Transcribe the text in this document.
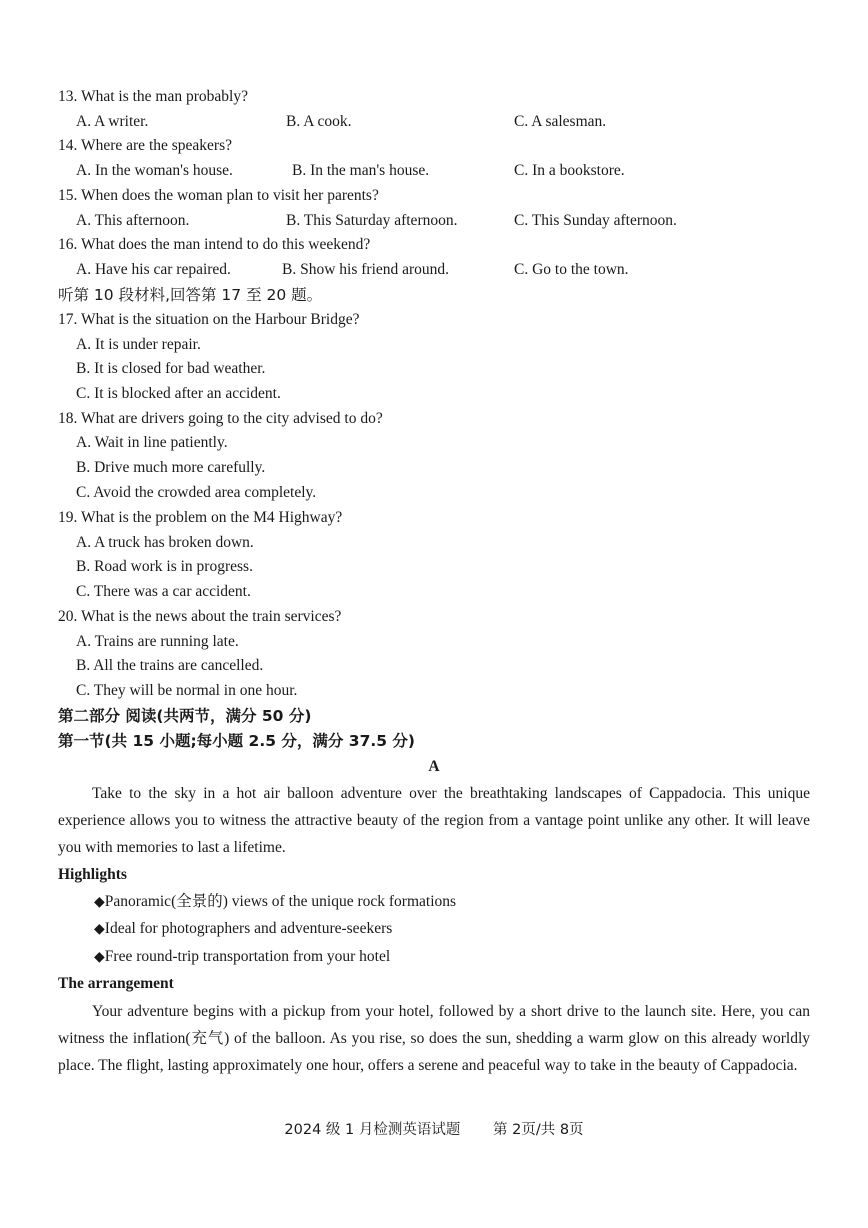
13. What is the man probably?
A. A writer.	B. A cook.	C. A salesman.
14. Where are the speakers?
A. In the woman's house.	B. In the man's house.	C. In a bookstore.
15. When does the woman plan to visit her parents?
A. This afternoon.	B. This Saturday afternoon.	C. This Sunday afternoon.
16. What does the man intend to do this weekend?
A. Have his car repaired.	B. Show his friend around.	C. Go to the town.
听第 10 段材料,回答第 17 至 20 题。
17. What is the situation on the Harbour Bridge?
A. It is under repair.
B. It is closed for bad weather.
C. It is blocked after an accident.
18. What are drivers going to the city advised to do?
A. Wait in line patiently.
B. Drive much more carefully.
C. Avoid the crowded area completely.
19. What is the problem on the M4 Highway?
A. A truck has broken down.
B. Road work is in progress.
C. There was a car accident.
20. What is the news about the train services?
A. Trains are running late.
B. All the trains are cancelled.
C. They will be normal in one hour.
第二部分 阅读(共两节，满分 50 分)
第一节(共 15 小题;每小题 2.5 分，满分 37.5 分)
A
Take to the sky in a hot air balloon adventure over the breathtaking landscapes of Cappadocia. This unique experience allows you to witness the attractive beauty of the region from a vantage point unlike any other. It will leave you with memories to last a lifetime.
Highlights
◆Panoramic(全景的) views of the unique rock formations
◆Ideal for photographers and adventure-seekers
◆Free round-trip transportation from your hotel
The arrangement
Your adventure begins with a pickup from your hotel, followed by a short drive to the launch site. Here, you can witness the inflation(充气) of the balloon. As you rise, so does the sun, shedding a warm glow on this already worldly place. The flight, lasting approximately one hour, offers a serene and peaceful way to take in the beauty of Cappadocia.
2024 级 1 月检测英语试题 第 2页/共 8页
